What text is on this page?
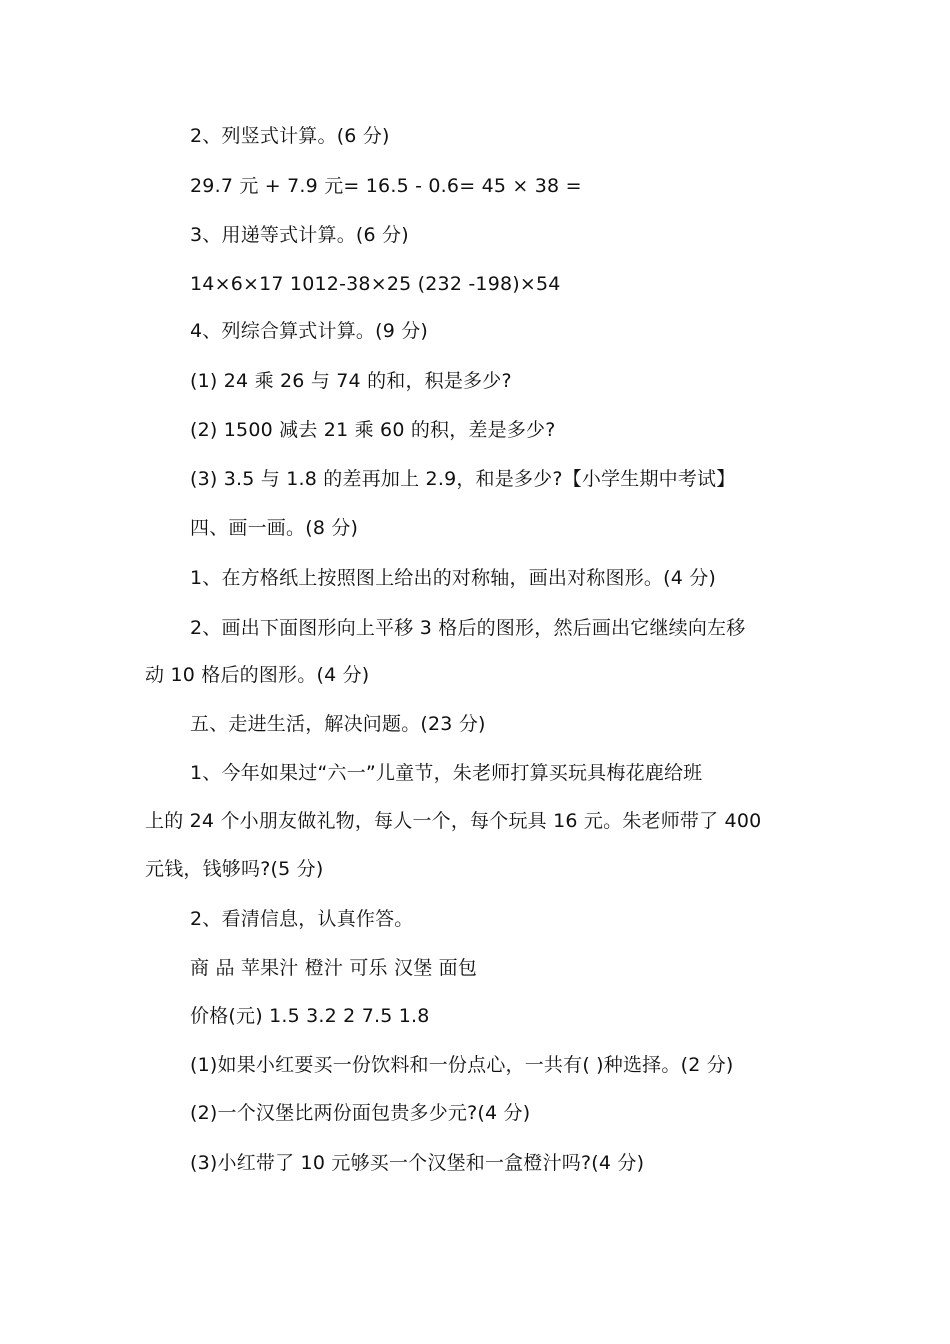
2、列竖式计算。(6 分)
29.7 元 + 7.9 元= 16.5 - 0.6= 45 × 38 =
3、用递等式计算。(6 分)
14×6×17 1012-38×25 (232 -198)×54
4、列综合算式计算。(9 分)
(1) 24 乘 26 与 74 的和，积是多少?
(2) 1500 减去 21 乘 60 的积，差是多少?
(3) 3.5 与 1.8 的差再加上 2.9，和是多少?【小学生期中考试】
四、画一画。(8 分)
1、在方格纸上按照图上给出的对称轴，画出对称图形。(4 分)
2、画出下面图形向上平移 3 格后的图形，然后画出它继续向左移
动 10 格后的图形。(4 分)
五、走进生活，解决问题。(23 分)
1、今年如果过“六一”儿童节，朱老师打算买玩具梅花鹿给班
上的 24 个小朋友做礼物，每人一个，每个玩具 16 元。朱老师带了 400
元钱，钱够吗?(5 分)
2、看清信息，认真作答。
商 品 苹果汁 橙汁 可乐 汉堡 面包
价格(元) 1.5 3.2 2 7.5 1.8
(1)如果小红要买一份饮料和一份点心，一共有( )种选择。(2 分)
(2)一个汉堡比两份面包贵多少元?(4 分)
(3)小红带了 10 元够买一个汉堡和一盒橙汁吗?(4 分)
